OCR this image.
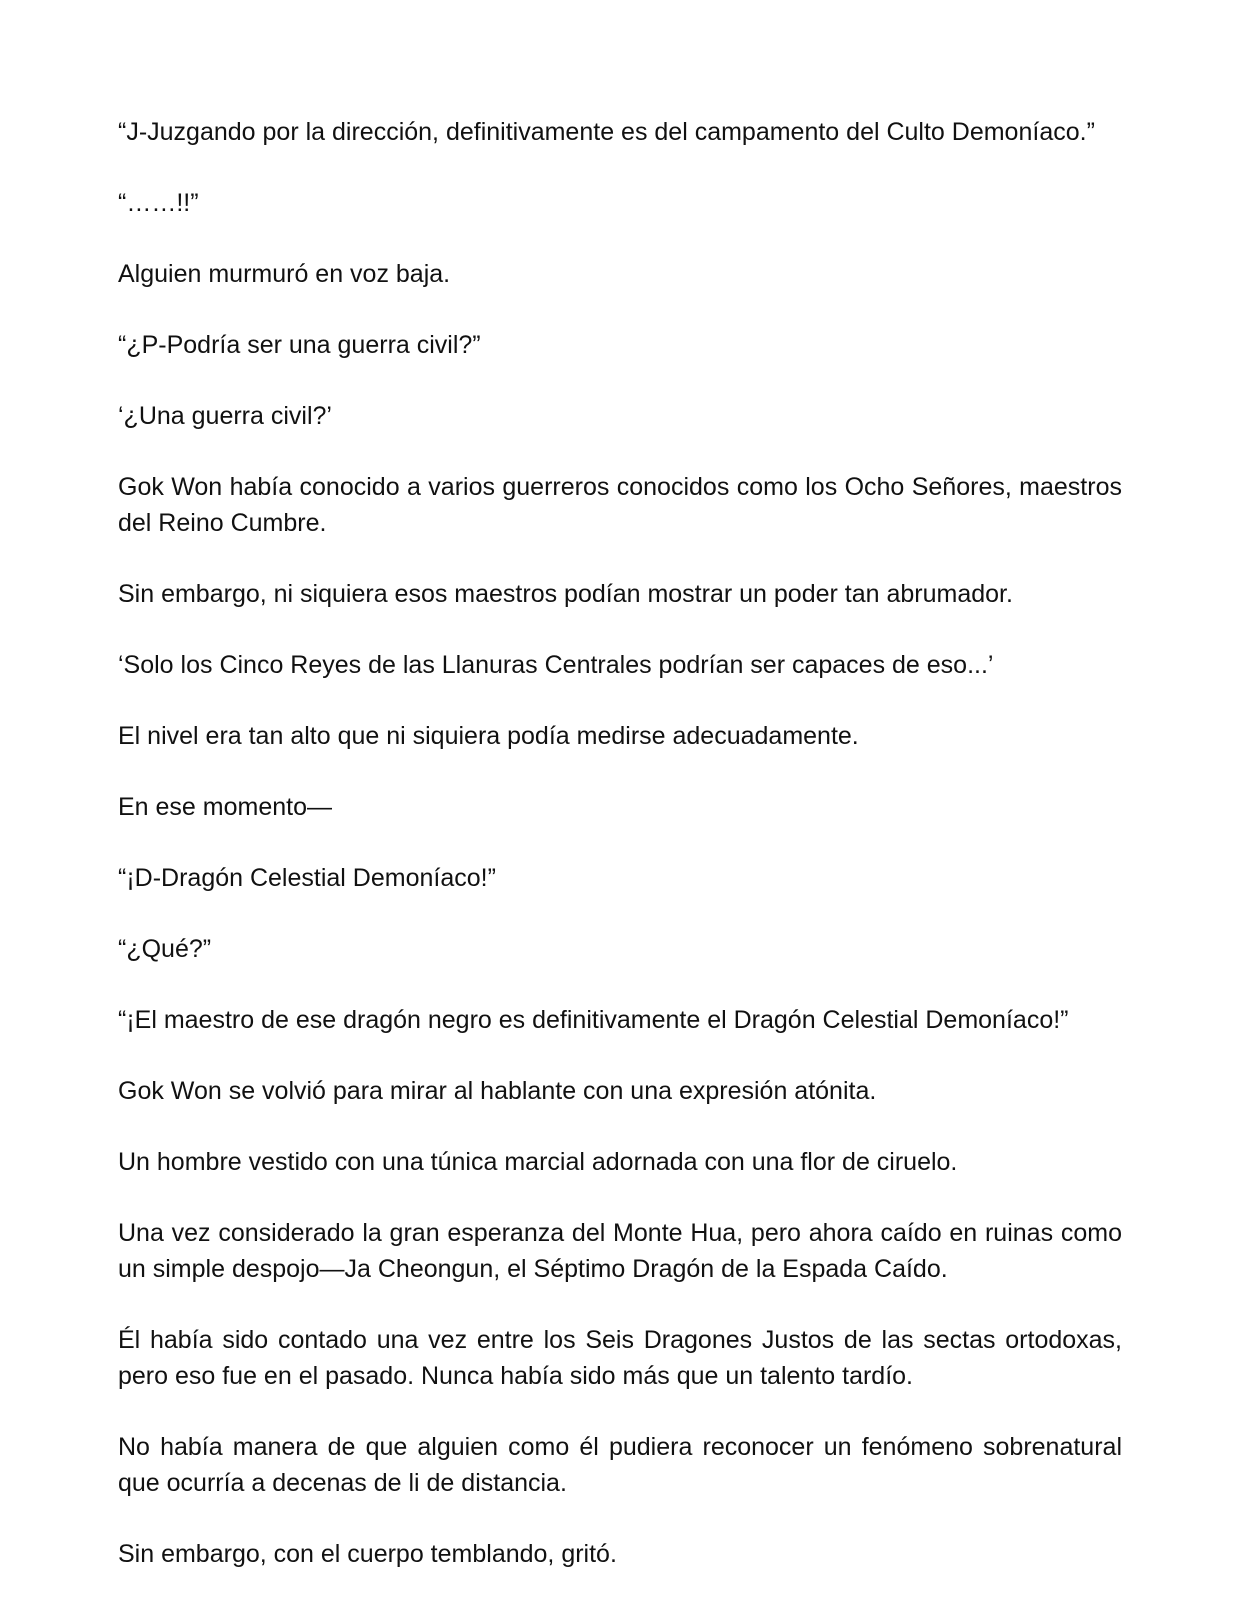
“J-Juzgando por la dirección, definitivamente es del campamento del Culto Demoníaco.”

“……!!”

Alguien murmuró en voz baja.

“¿P-Podría ser una guerra civil?”

‘¿Una guerra civil?’

Gok Won había conocido a varios guerreros conocidos como los Ocho Señores, maestros del Reino Cumbre.

Sin embargo, ni siquiera esos maestros podían mostrar un poder tan abrumador.

‘Solo los Cinco Reyes de las Llanuras Centrales podrían ser capaces de eso...’

El nivel era tan alto que ni siquiera podía medirse adecuadamente.

En ese momento—

“¡D-Dragón Celestial Demoníaco!”

“¿Qué?”

“¡El maestro de ese dragón negro es definitivamente el Dragón Celestial Demoníaco!”

Gok Won se volvió para mirar al hablante con una expresión atónita.

Un hombre vestido con una túnica marcial adornada con una flor de ciruelo.

Una vez considerado la gran esperanza del Monte Hua, pero ahora caído en ruinas como un simple despojo—Ja Cheongun, el Séptimo Dragón de la Espada Caído.

Él había sido contado una vez entre los Seis Dragones Justos de las sectas ortodoxas, pero eso fue en el pasado. Nunca había sido más que un talento tardío.

No había manera de que alguien como él pudiera reconocer un fenómeno sobrenatural que ocurría a decenas de li de distancia.

Sin embargo, con el cuerpo temblando, gritó.
